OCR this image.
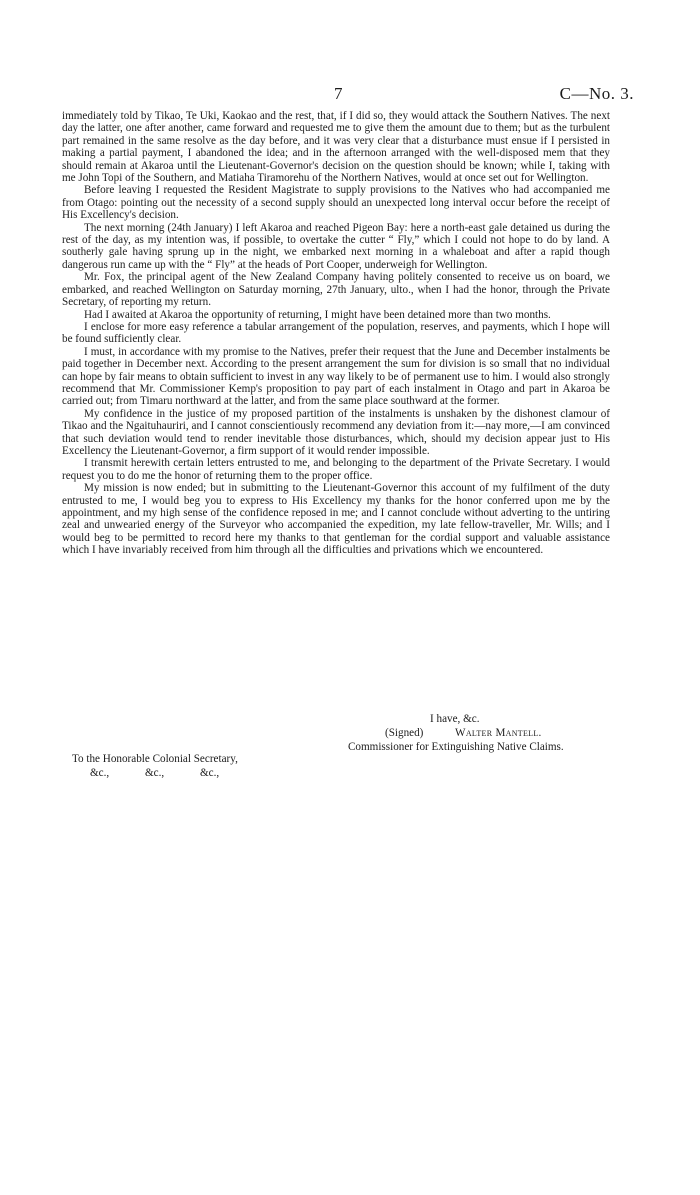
7	C—No. 3.

immediately told by Tikao, Te Uki, Kaokao and the rest, that, if I did so, they would attack the Southern Natives. The next day the latter, one after another, came forward and requested me to give them the amount due to them; but as the turbulent part remained in the same resolve as the day before, and it was very clear that a disturbance must ensue if I persisted in making a partial payment, I abandoned the idea; and in the afternoon arranged with the well-disposed mem that they should remain at Akaroa until the Lieutenant-Governor's decision on the question should be known; while I, taking with me John Topi of the Southern, and Matiaha Tiramorehu of the Northern Natives, would at once set out for Wellington.

Before leaving I requested the Resident Magistrate to supply provisions to the Natives who had accompanied me from Otago: pointing out the necessity of a second supply should an unexpected long interval occur before the receipt of His Excellency's decision.

The next morning (24th January) I left Akaroa and reached Pigeon Bay: here a north-east gale detained us during the rest of the day, as my intention was, if possible, to overtake the cutter “ Fly,” which I could not hope to do by land. A southerly gale having sprung up in the night, we embarked next morning in a whaleboat and after a rapid though dangerous run came up with the “ Fly” at the heads of Port Cooper, underweigh for Wellington.

Mr. Fox, the principal agent of the New Zealand Company having politely consented to receive us on board, we embarked, and reached Wellington on Saturday morning, 27th January, ulto., when I had the honor, through the Private Secretary, of reporting my return.

Had I awaited at Akaroa the opportunity of returning, I might have been detained more than two months.

I enclose for more easy reference a tabular arrangement of the population, reserves, and payments, which I hope will be found sufficiently clear.

I must, in accordance with my promise to the Natives, prefer their request that the June and December instalments be paid together in December next. According to the present arrangement the sum for division is so small that no individual can hope by fair means to obtain sufficient to invest in any way likely to be of permanent use to him. I would also strongly recommend that Mr. Commissioner Kemp's proposition to pay part of each instalment in Otago and part in Akaroa be carried out; from Timaru northward at the latter, and from the same place southward at the former.

My confidence in the justice of my proposed partition of the instalments is unshaken by the dishonest clamour of Tikao and the Ngaituhauriri, and I cannot conscientiously recommend any deviation from it:—nay more,—I am convinced that such deviation would tend to render inevitable those disturbances, which, should my decision appear just to His Excellency the Lieutenant-Governor, a firm support of it would render impossible.

I transmit herewith certain letters entrusted to me, and belonging to the department of the Private Secretary. I would request you to do me the honor of returning them to the proper office.

My mission is now ended; but in submitting to the Lieutenant-Governor this account of my fulfilment of the duty entrusted to me, I would beg you to express to His Excellency my thanks for the honor conferred upon me by the appointment, and my high sense of the confidence reposed in me; and I cannot conclude without adverting to the untiring zeal and unwearied energy of the Surveyor who accompanied the expedition, my late fellow-traveller, Mr. Wills; and I would beg to be permitted to record here my thanks to that gentleman for the cordial support and valuable assistance which I have invariably received from him through all the difficulties and privations which we encountered.

I have, &c.
(Signed)	Walter Mantell.
Commissioner for Extinguishing Native Claims.
To the Honorable Colonial Secretary,
&c.,	&c.,	&c.,
